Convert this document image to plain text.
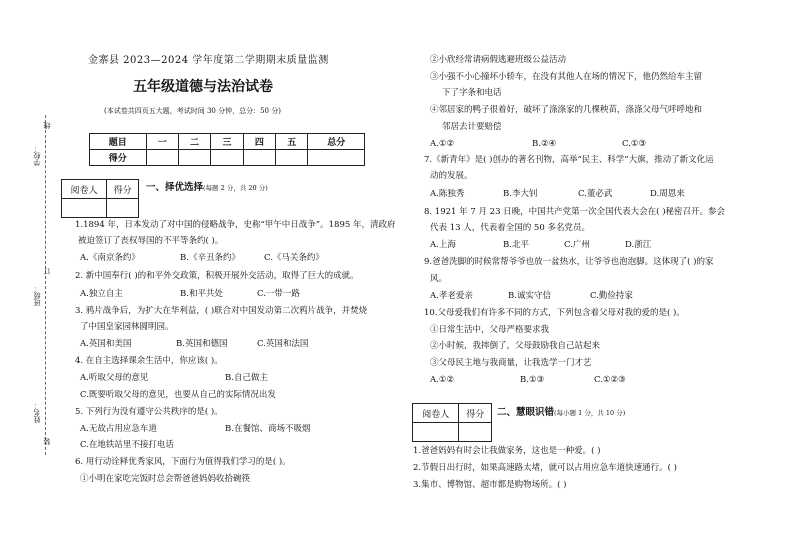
学校：
班级：
姓名：
线
订
装
金寨县 2023—2024 学年度第二学期期末质量监测
五年级道德与法治试卷
(本试卷共四页五大题，考试时间 30 分钟，总分：50 分)
题目	一	二	三	四	五	总分
得分						
阅卷人	得分
	一、择优选择(每题 2 分，共 20 分)
1.1894 年，日本发动了对中国的侵略战争，史称“甲午中日战争”。1895 年，清政府
被迫签订了丧权辱国的不平等条约( )。
A.《南京条约》	B.《辛丑条约》	C.《马关条约》
2. 新中国奉行( )的和平外交政策，积极开展外交活动，取得了巨大的成就。
A.独立自主	B.和平共处	C.一带一路
3. 鸦片战争后，为扩大在华利益，( )联合对中国发动第二次鸦片战争，并焚烧
了中国皇家园林圆明园。
A.英国和美国	B.英国和德国	C.英国和法国
4. 在自主选择课余生活中，你应该( )。
A.听取父母的意见	B.自己做主
C.既要听取父母的意见，也要从自己的实际情况出发
5. 下列行为没有遵守公共秩序的是( )。
A.无故占用应急车道	B.在餐馆、商场不吸烟
C.在地铁站里不接打电话
6. 用行动诠释优秀家风，下面行为值得我们学习的是( )。
①小明在家吃完饭时总会帮爸爸妈妈收拾碗筷
②小欣经常请病假逃避班级公益活动
③小强不小心撞坏小轿车，在没有其他人在场的情况下，他仍然给车主留
下了字条和电话
④邻居家的鸭子很着好，破坏了涤涤家的几棵秧苗，涤涤父母气呼呼地和
邻居去计要赔偿
A.①②	B.②④	C.①③
7.《新青年》是( )创办的著名刊物，高举“民主、科学”大旗，推动了新文化运
动的发展。
A.陈独秀	B.李大钊	C.董必武	D.周恩来
8. 1921 年 7 月 23 日晚，中国共产党第一次全国代表大会在( )秘密召开。参会
代表 13 人，代表着全国的 50 多名党员。
A.上海	B.北平	C.广州	D.浙江
9.爸爸洗脚的时候常帮爷爷也放一盆热水，让爷爷也泡泡脚。这体现了( )的家
风。
A.孝老爱亲	B.诚实守信	C.勤俭持家
10.父母爱我们有许多不同的方式，下列包含着父母对我的爱的是( )。
①日常生活中，父母严格要求我
②小时候，我摔倒了，父母鼓励我自己站起来
③父母民主地与我商量，让我选学一门才艺
A.①②	B.①③	C.①②③
阅卷人	得分
	二、慧眼识错(每小题 1 分，共 10 分)
1.爸爸妈妈有时会让我做家务，这也是一种爱。( )
2.节假日出行时，如果高速路太堵，就可以占用应急车道快速通行。( )
3.集市、博物馆、超市都是购物场所。( )
